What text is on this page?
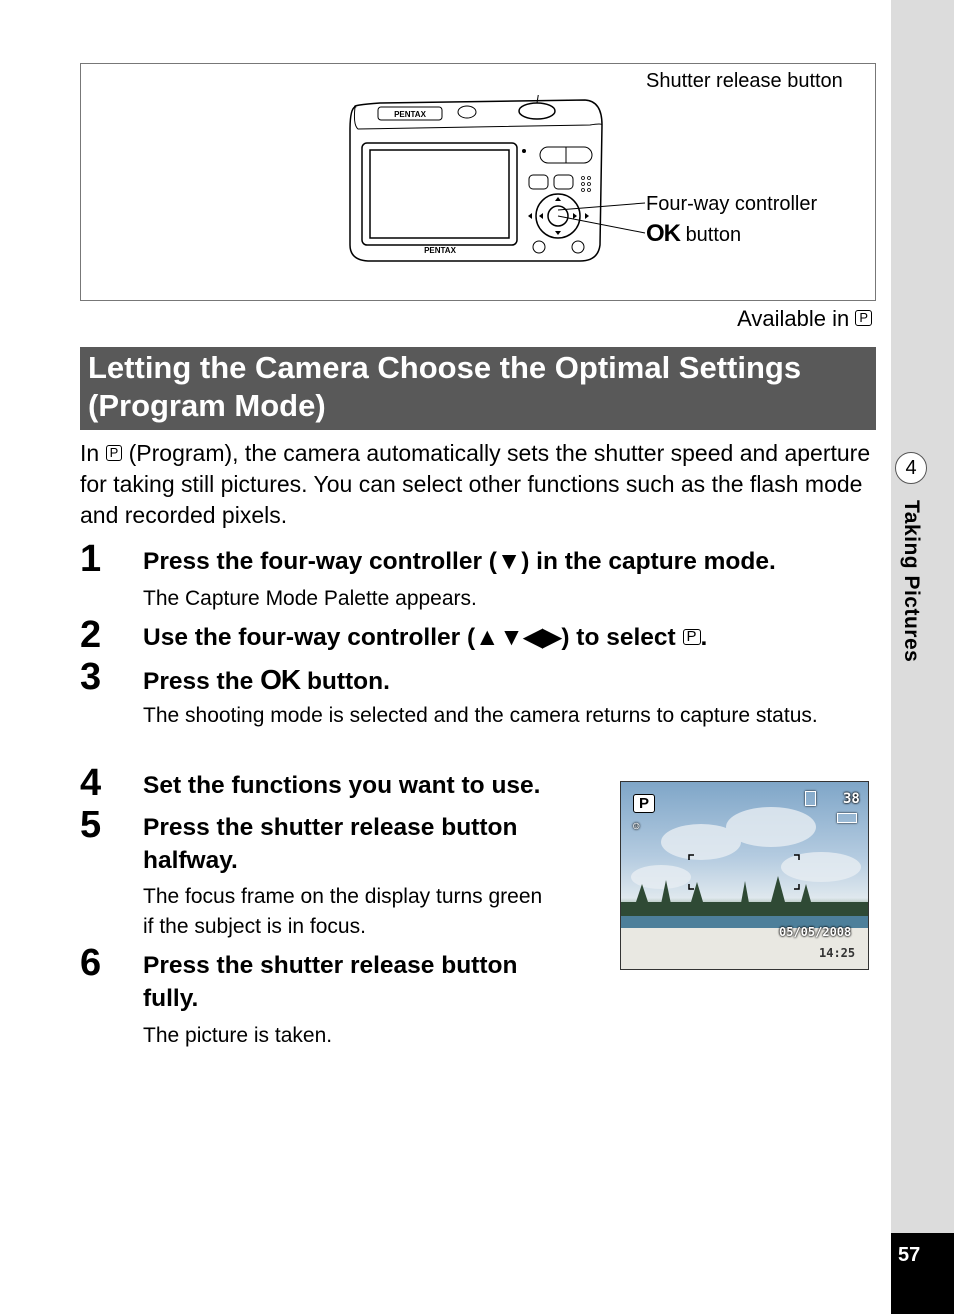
4
Taking Pictures
57
PENTAX
PENTAX
Shutter release button
Four-way controller
OK button
Available in P
Letting the Camera Choose the Optimal Settings
(Program Mode)
In P (Program), the camera automatically sets the shutter speed and aperture for taking still pictures. You can select other functions such as the flash mode and recorded pixels.
1 Press the four-way controller (▼) in the capture mode.
The Capture Mode Palette appears.
2 Use the four-way controller (▲▼◀▶) to select P .
3 Press the OK button.
The shooting mode is selected and the camera returns to capture status.
4 Set the functions you want to use.
5 Press the shutter release button
halfway.
The focus frame on the display turns green
if the subject is in focus.
6 Press the shutter release button
fully.
The picture is taken.
P	38
☺
05/05/2008
14:25
